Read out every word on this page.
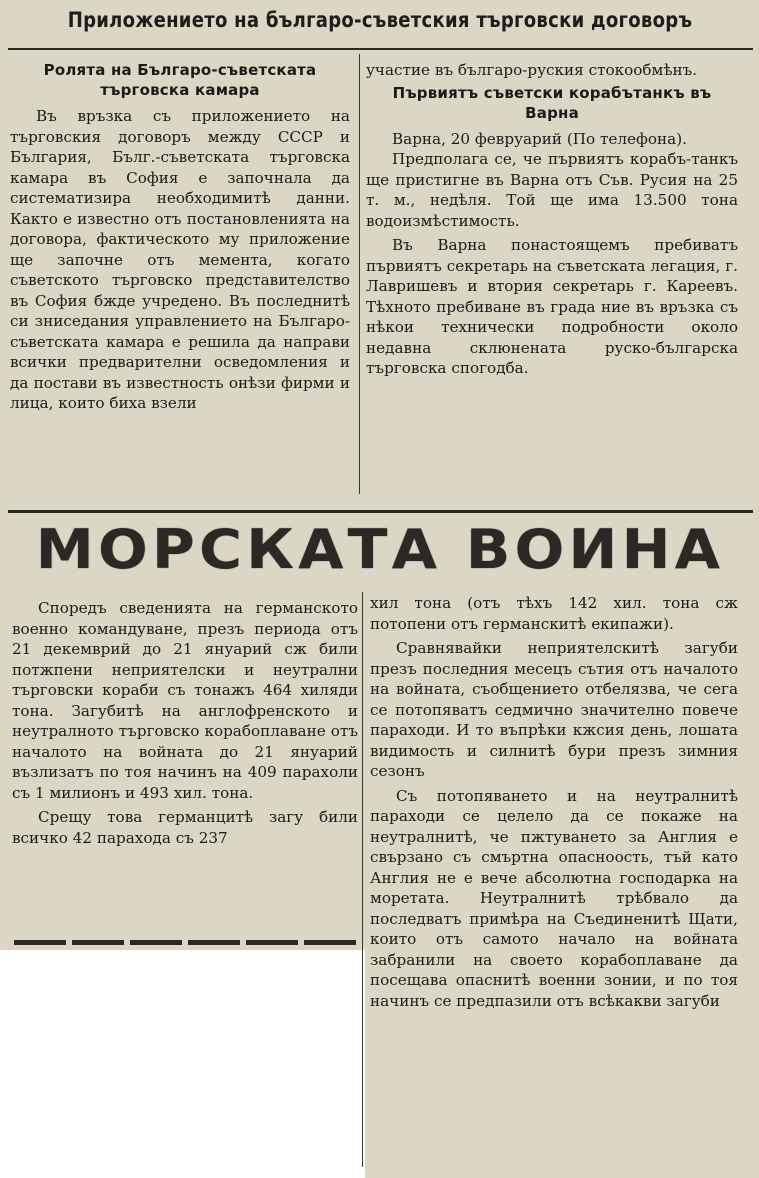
Приложението на българо-съветския търговски договоръ
Ролята на Българо-съветската търговска камара

Въ връзка съ приложението на търговския договоръ между СССР и България, Бълг.-съветската търговска камара въ София е започнала да систематизира необходимитѣ данни. Както е известно отъ постановленията на договора, фактическото му приложение ще започне отъ мемента, когато съветското търговско представителство въ София бжде учредено. Въ последнитѣ си зниседания управлението на Българо-съветската камара е решила да направи всички предварителни осведомления и да постави въ известность онѣзи фирми и лица, които биха взели

участие въ българо-руския стокообмѣнъ.

Първиятъ съветски корабътанкъ въ Варна

Варна, 20 февруарий (По телефона).

Предполага се, че първиятъ корабъ-танкъ ще пристигне въ Варна отъ Съв. Русия на 25 т. м., недѣля. Той ще има 13.500 тона водоизмѣстимость.

Въ Варна понастоящемъ пребиватъ първиятъ секретарь на съветската легация, г. Лавришевъ и втория секретарь г. Кареевъ. Тѣхното пребиване въ града ние въ връзка съ нѣкои технически подробности около недавна склюнената руско-българска търговска спогодба.

МОРСКАТА ВОИНА

Споредъ сведенията на германското военно командуване, презъ периода отъ 21 декемврий до 21 януарий сж били потжпени неприятелски и неутрални търговски кораби съ тонажъ 464 хиляди тона. Загубитѣ на англофренското и неутралното търговско корабоплаване отъ началото на войната до 21 януарий възлизатъ по тоя начинъ на 409 парахоли съ 1 милионъ и 493 хил. тона.

Срещу това германцитѣ загу били всичко 42 парахода съ 237

хил тона (отъ тѣхъ 142 хил. тона сж потопени отъ германскитѣ екипажи).

Сравнявайки неприятелскитѣ загуби презъ последния месецъ сътия отъ началото на войната, съобщението отбелязва, че сега се потопяватъ седмично значително повече параходи. И то въпрѣки кжсия день, лошата видимость и силнитѣ бури презъ зимния сезонъ

Съ потопяването и на неутралнитѣ параходи се целело да се покаже на неутралнитѣ, че пжтуването за Англия е свързано съ смъртна опасноость, тъй като Англия не е вече абсолютна господарка на моретата. Неутралнитѣ трѣбвало да последватъ примѣра на Съединенитѣ Щати, които отъ самото начало на войната забранили на своето корабоплаване да посещава опаснитѣ военни зонии, и по тоя начинъ се предпазили отъ всѣкакви загуби
